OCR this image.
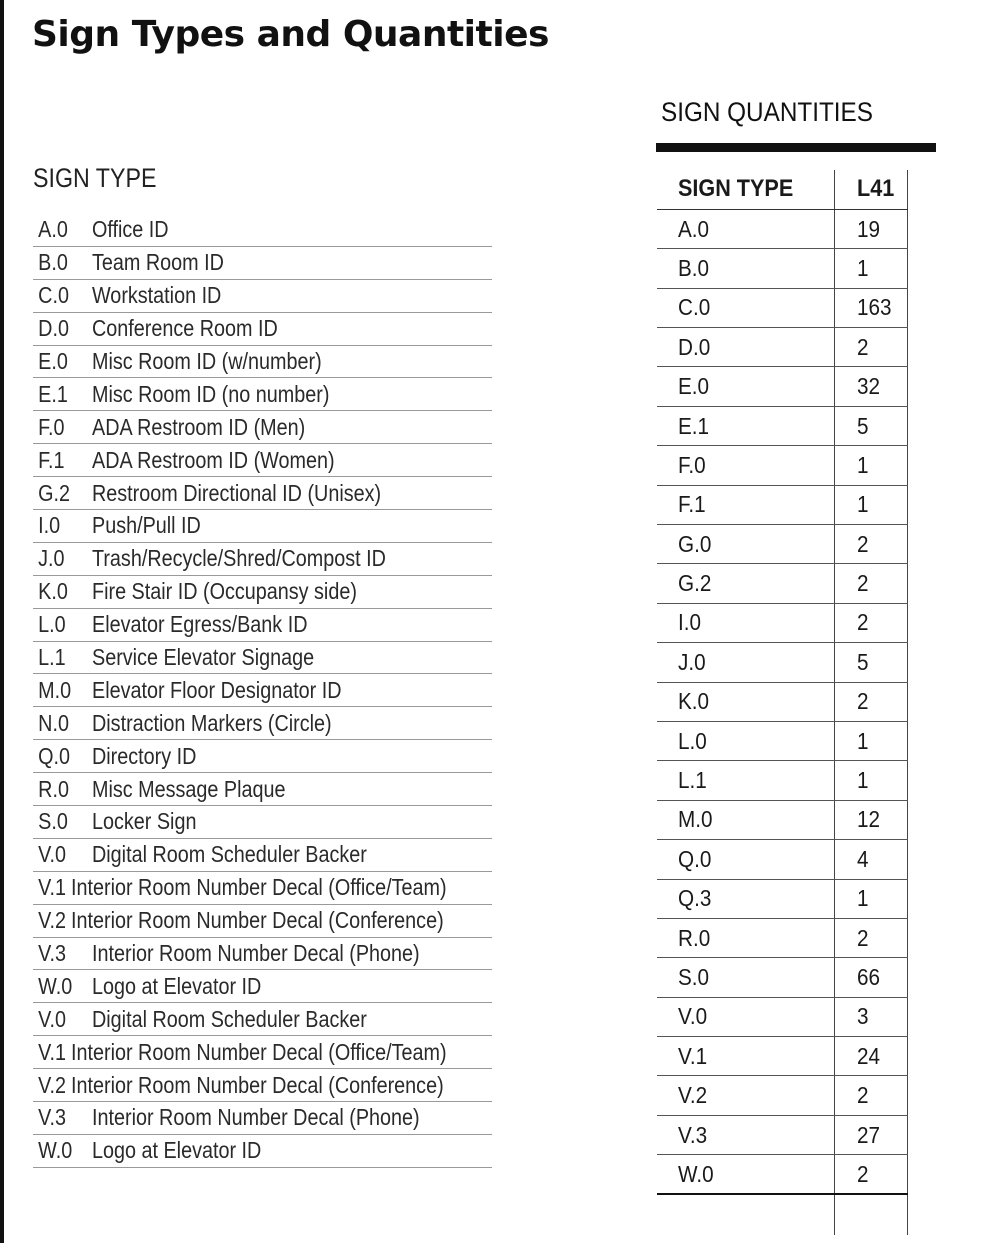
Sign Types and Quantities
SIGN TYPE
A.0	Office ID
B.0	Team Room ID
C.0	Workstation ID
D.0	Conference Room ID
E.0	Misc Room ID (w/number)
E.1	Misc Room ID (no number)
F.0	ADA Restroom ID (Men)
F.1	ADA Restroom ID (Women)
G.2 Restroom Directional ID (Unisex)
I.0	Push/Pull ID
J.0	Trash/Recycle/Shred/Compost ID
K.0	Fire Stair ID (Occupansy side)
L.0	Elevator Egress/Bank ID
L.1	Service Elevator Signage
M.0 Elevator Floor Designator ID
N.0	Distraction Markers (Circle)
Q.0 Directory ID
R.0	Misc Message Plaque
S.0	Locker Sign
V.0	Digital Room Scheduler Backer
V.1 Interior Room Number Decal (Office/Team)
V.2 Interior Room Number Decal (Conference)
V.3	Interior Room Number Decal (Phone)
W.0 Logo at Elevator ID
V.0	Digital Room Scheduler Backer
V.1 Interior Room Number Decal (Office/Team)
V.2 Interior Room Number Decal (Conference)
V.3	Interior Room Number Decal (Phone)
W.0 Logo at Elevator ID
SIGN QUANTITIES
SIGN TYPE	L41
A.0	19
B.0	1
C.0	163
D.0	2
E.0	32
E.1	5
F.0	1
F.1	1
G.0	2
G.2	2
I.0	2
J.0	5
K.0	2
L.0	1
L.1	1
M.0	12
Q.0	4
Q.3	1
R.0	2
S.0	66
V.0	3
V.1	24
V.2	2
V.3	27
W.0	2
